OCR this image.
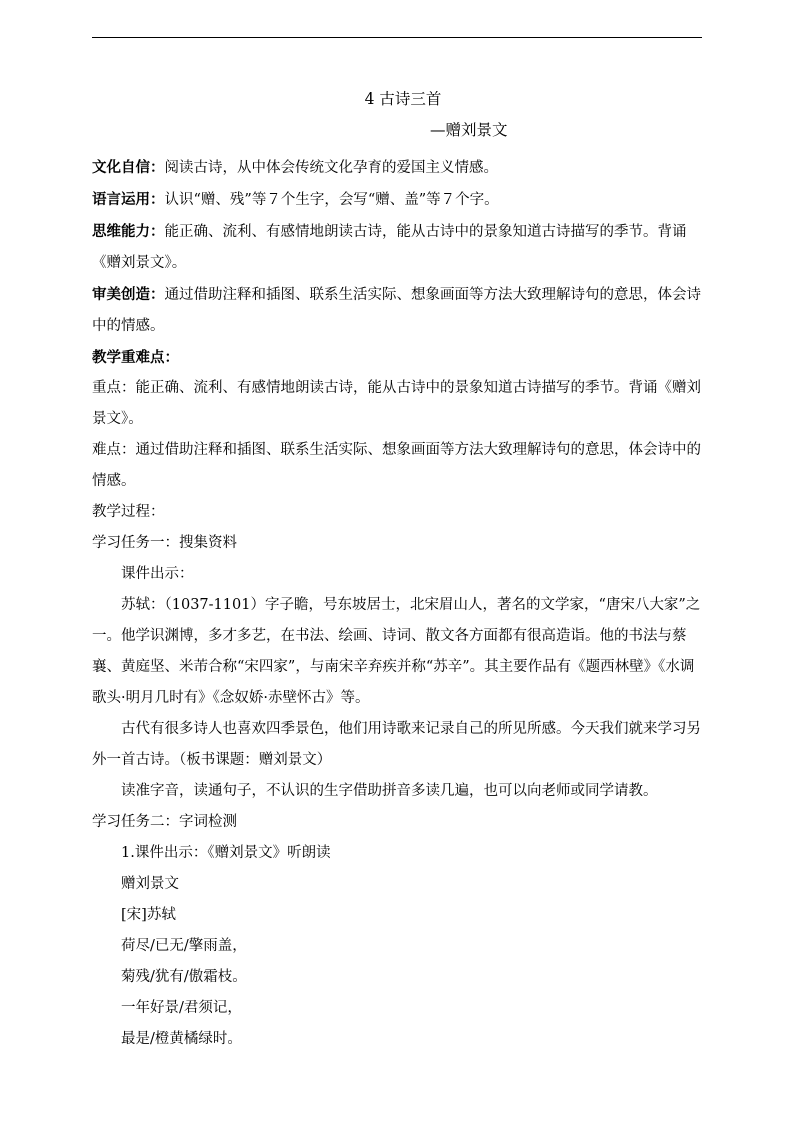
4 古诗三首
—赠刘景文

文化自信：阅读古诗，从中体会传统文化孕育的爱国主义情感。

语言运用：认识“赠、残”等７个生字，会写“赠、盖”等７个字。

思维能力：能正确、流利、有感情地朗读古诗，能从古诗中的景象知道古诗描写的季节。背诵《赠刘景文》。

审美创造：通过借助注释和插图、联系生活实际、想象画面等方法大致理解诗句的意思，体会诗中的情感。

教学重难点：

重点：能正确、流利、有感情地朗读古诗，能从古诗中的景象知道古诗描写的季节。背诵《赠刘景文》。

难点：通过借助注释和插图、联系生活实际、想象画面等方法大致理解诗句的意思，体会诗中的情感。

教学过程：

学习任务一：搜集资料

课件出示：

苏轼：（1037-1101）字子瞻，号东坡居士，北宋眉山人，著名的文学家，“唐宋八大家”之一。他学识渊博，多才多艺，在书法、绘画、诗词、散文各方面都有很高造诣。他的书法与蔡襄、黄庭坚、米芾合称“宋四家”，与南宋辛弃疾并称“苏辛”。其主要作品有《题西林壁》《水调歌头·明月几时有》《念奴娇·赤壁怀古》等。

古代有很多诗人也喜欢四季景色，他们用诗歌来记录自己的所见所感。今天我们就来学习另外一首古诗。（板书课题：赠刘景文）

读准字音，读通句子，不认识的生字借助拼音多读几遍，也可以向老师或同学请教。

学习任务二：字词检测

1.课件出示：《赠刘景文》听朗读

赠刘景文

[宋]苏轼

荷尽/已无/擎雨盖，

菊残/犹有/傲霜枝。

一年好景/君须记，

最是/橙黄橘绿时。
